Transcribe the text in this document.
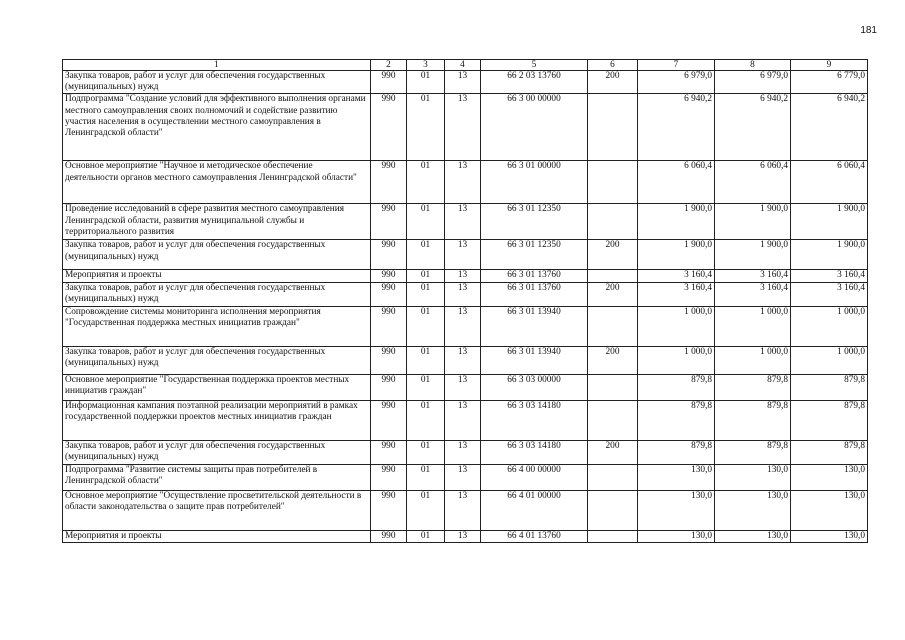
181
1	2	3	4	5	6	7	8	9
Закупка товаров, работ и услуг для обеспечения государственных (муниципальных) нужд	990	01	13	66 2 03 13760	200	6 979,0	6 979,0	6 779,0
Подпрограмма "Создание условий для эффективного выполнения органами местного самоуправления своих полномочий и содействие развитию участия населения в осуществлении местного самоуправления в Ленинградской области"	990	01	13	66 3 00 00000		6 940,2	6 940,2	6 940,2
Основное мероприятие "Научное и методическое обеспечение деятельности органов местного самоуправления Ленинградской области"	990	01	13	66 3 01 00000		6 060,4	6 060,4	6 060,4
Проведение исследований в сфере развития местного самоуправления Ленинградской области, развития муниципальной службы и территориального развития	990	01	13	66 3 01 12350		1 900,0	1 900,0	1 900,0
Закупка товаров, работ и услуг для обеспечения государственных (муниципальных) нужд	990	01	13	66 3 01 12350	200	1 900,0	1 900,0	1 900,0
Мероприятия и проекты	990	01	13	66 3 01 13760		3 160,4	3 160,4	3 160,4
Закупка товаров, работ и услуг для обеспечения государственных (муниципальных) нужд	990	01	13	66 3 01 13760	200	3 160,4	3 160,4	3 160,4
Сопровождение системы мониторинга исполнения мероприятия "Государственная поддержка местных инициатив граждан"	990	01	13	66 3 01 13940		1 000,0	1 000,0	1 000,0
Закупка товаров, работ и услуг для обеспечения государственных (муниципальных) нужд	990	01	13	66 3 01 13940	200	1 000,0	1 000,0	1 000,0
Основное мероприятие "Государственная поддержка проектов местных инициатив граждан"	990	01	13	66 3 03 00000		879,8	879,8	879,8
Информационная кампания поэтапной реализации мероприятий в рамках государственной поддержки проектов местных инициатив граждан	990	01	13	66 3 03 14180		879,8	879,8	879,8
Закупка товаров, работ и услуг для обеспечения государственных (муниципальных) нужд	990	01	13	66 3 03 14180	200	879,8	879,8	879,8
Подпрограмма "Развитие системы защиты прав потребителей в Ленинградской области"	990	01	13	66 4 00 00000		130,0	130,0	130,0
Основное мероприятие "Осуществление просветительской деятельности в области законодательства о защите прав потребителей"	990	01	13	66 4 01 00000		130,0	130,0	130,0
Мероприятия и проекты	990	01	13	66 4 01 13760		130,0	130,0	130,0
